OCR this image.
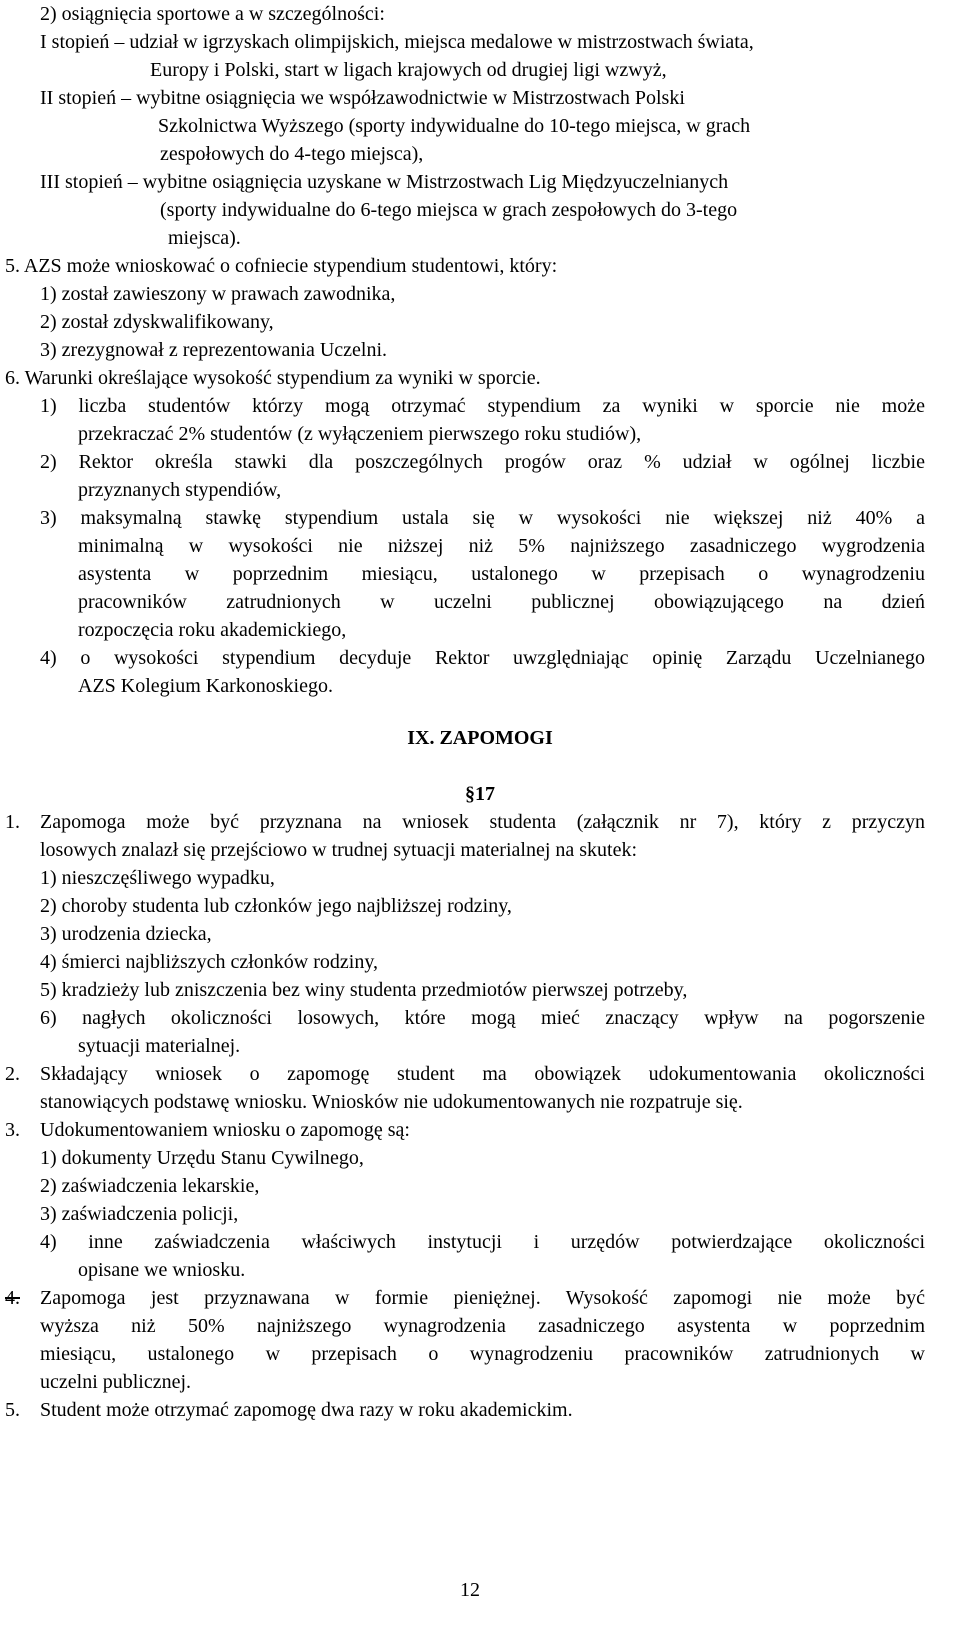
2) osiągnięcia sportowe a w szczególności:
I stopień – udział w igrzyskach olimpijskich, miejsca medalowe w mistrzostwach świata,
Europy i Polski, start w ligach krajowych od drugiej ligi wzwyż,
II stopień – wybitne osiągnięcia we współzawodnictwie w Mistrzostwach Polski
Szkolnictwa Wyższego (sporty indywidualne do 10-tego miejsca, w grach
zespołowych do 4-tego miejsca),
III stopień – wybitne osiągnięcia uzyskane w Mistrzostwach Lig Międzyuczelnianych
(sporty indywidualne do 6-tego miejsca w grach zespołowych do 3-tego
miejsca).
5. AZS może wnioskować o cofniecie stypendium studentowi, który:
1) został zawieszony w prawach zawodnika,
2) został zdyskwalifikowany,
3) zrezygnował z reprezentowania Uczelni.
6. Warunki określające wysokość stypendium za wyniki w sporcie.
1) liczba studentów którzy mogą otrzymać stypendium za wyniki w sporcie nie może
przekraczać 2% studentów (z wyłączeniem pierwszego roku studiów),
2) Rektor określa stawki dla poszczególnych progów oraz % udział w ogólnej liczbie
przyznanych stypendiów,
3) maksymalną stawkę stypendium ustala się w wysokości nie większej niż 40% a
minimalną w wysokości nie niższej niż 5% najniższego zasadniczego wygrodzenia
asystenta w poprzednim miesiącu, ustalonego w przepisach o wynagrodzeniu
pracowników zatrudnionych w uczelni publicznej obowiązującego na dzień
rozpoczęcia roku akademickiego,
4) o wysokości stypendium decyduje Rektor uwzględniając opinię Zarządu Uczelnianego
AZS Kolegium Karkonoskiego.
IX. ZAPOMOGI
§17
1. Zapomoga może być przyznana na wniosek studenta (załącznik nr 7), który z przyczyn
losowych znalazł się przejściowo w trudnej sytuacji materialnej na skutek:
1) nieszczęśliwego wypadku,
2) choroby studenta lub członków jego najbliższej rodziny,
3) urodzenia dziecka,
4) śmierci najbliższych członków rodziny,
5) kradzieży lub zniszczenia bez winy studenta przedmiotów pierwszej potrzeby,
6) nagłych okoliczności losowych, które mogą mieć znaczący wpływ na pogorszenie
sytuacji materialnej.
2. Składający wniosek o zapomogę student ma obowiązek udokumentowania okoliczności
stanowiących podstawę wniosku. Wniosków nie udokumentowanych nie rozpatruje się.
3. Udokumentowaniem wniosku o zapomogę są:
1) dokumenty Urzędu Stanu Cywilnego,
2) zaświadczenia lekarskie,
3) zaświadczenia policji,
4) inne zaświadczenia właściwych instytucji i urzędów potwierdzające okoliczności
opisane we wniosku.
4. Zapomoga jest przyznawana w formie pieniężnej. Wysokość zapomogi nie może być
wyższa niż 50% najniższego wynagrodzenia zasadniczego asystenta w poprzednim
miesiącu, ustalonego w przepisach o wynagrodzeniu pracowników zatrudnionych w
uczelni publicznej.
5. Student może otrzymać zapomogę dwa razy w roku akademickim.
12
